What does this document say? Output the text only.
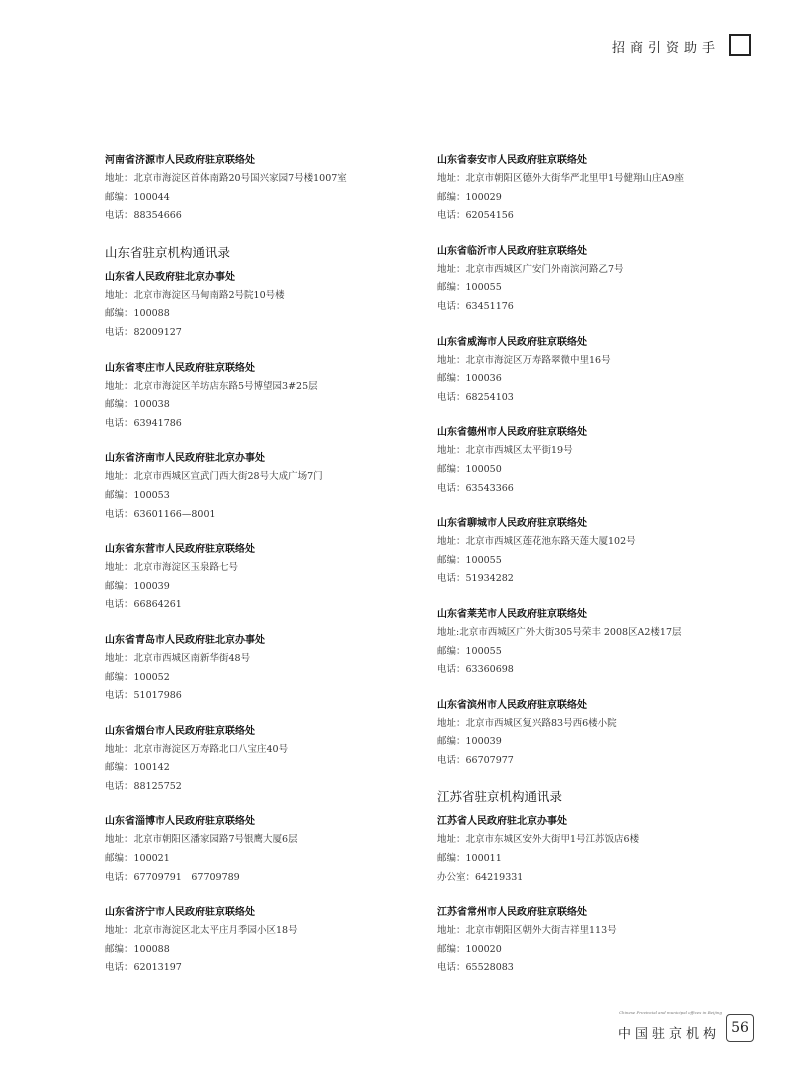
招商引资助手
河南省济源市人民政府驻京联络处
地址：北京市海淀区首体南路20号国兴家园7号楼1007室
邮编：100044
电话：88354666
山东省驻京机构通讯录
山东省人民政府驻北京办事处
地址：北京市海淀区马甸南路2号院10号楼
邮编：100088
电话：82009127
山东省枣庄市人民政府驻京联络处
地址：北京市海淀区羊坊店东路5号博望园3#25层
邮编：100038
电话：63941786
山东省济南市人民政府驻北京办事处
地址：北京市西城区宣武门西大街28号大成广场7门
邮编：100053
电话：63601166—8001
山东省东营市人民政府驻京联络处
地址：北京市海淀区玉泉路七号
邮编：100039
电话：66864261
山东省青岛市人民政府驻北京办事处
地址：北京市西城区南新华街48号
邮编：100052
电话：51017986
山东省烟台市人民政府驻京联络处
地址：北京市海淀区万寿路北口八宝庄40号
邮编：100142
电话：88125752
山东省淄博市人民政府驻京联络处
地址：北京市朝阳区潘家园路7号银鹰大厦6层
邮编：100021
电话：67709791　67709789
山东省济宁市人民政府驻京联络处
地址：北京市海淀区北太平庄月季园小区18号
邮编：100088
电话：62013197
山东省泰安市人民政府驻京联络处
地址：北京市朝阳区德外大街华严北里甲1号健翔山庄A9座
邮编：100029
电话：62054156
山东省临沂市人民政府驻京联络处
地址：北京市西城区广安门外南滨河路乙7号
邮编：100055
电话：63451176
山东省威海市人民政府驻京联络处
地址：北京市海淀区万寿路翠微中里16号
邮编：100036
电话：68254103
山东省德州市人民政府驻京联络处
地址：北京市西城区太平街19号
邮编：100050
电话：63543366
山东省聊城市人民政府驻京联络处
地址：北京市西城区莲花池东路天莲大厦102号
邮编：100055
电话：51934282
山东省莱芜市人民政府驻京联络处
地址:北京市西城区广外大街305号荣丰 2008区A2楼17层
邮编：100055
电话：63360698
山东省滨州市人民政府驻京联络处
地址：北京市西城区复兴路83号西6楼小院
邮编：100039
电话：66707977
江苏省驻京机构通讯录
江苏省人民政府驻北京办事处
地址：北京市东城区安外大街甲1号江苏饭店6楼
邮编：100011
办公室：64219331
江苏省常州市人民政府驻京联络处
地址：北京市朝阳区朝外大街吉祥里113号
邮编：100020
电话：65528083
Chinese Provincial and municipal offices in Beijing
中国驻京机构 56
